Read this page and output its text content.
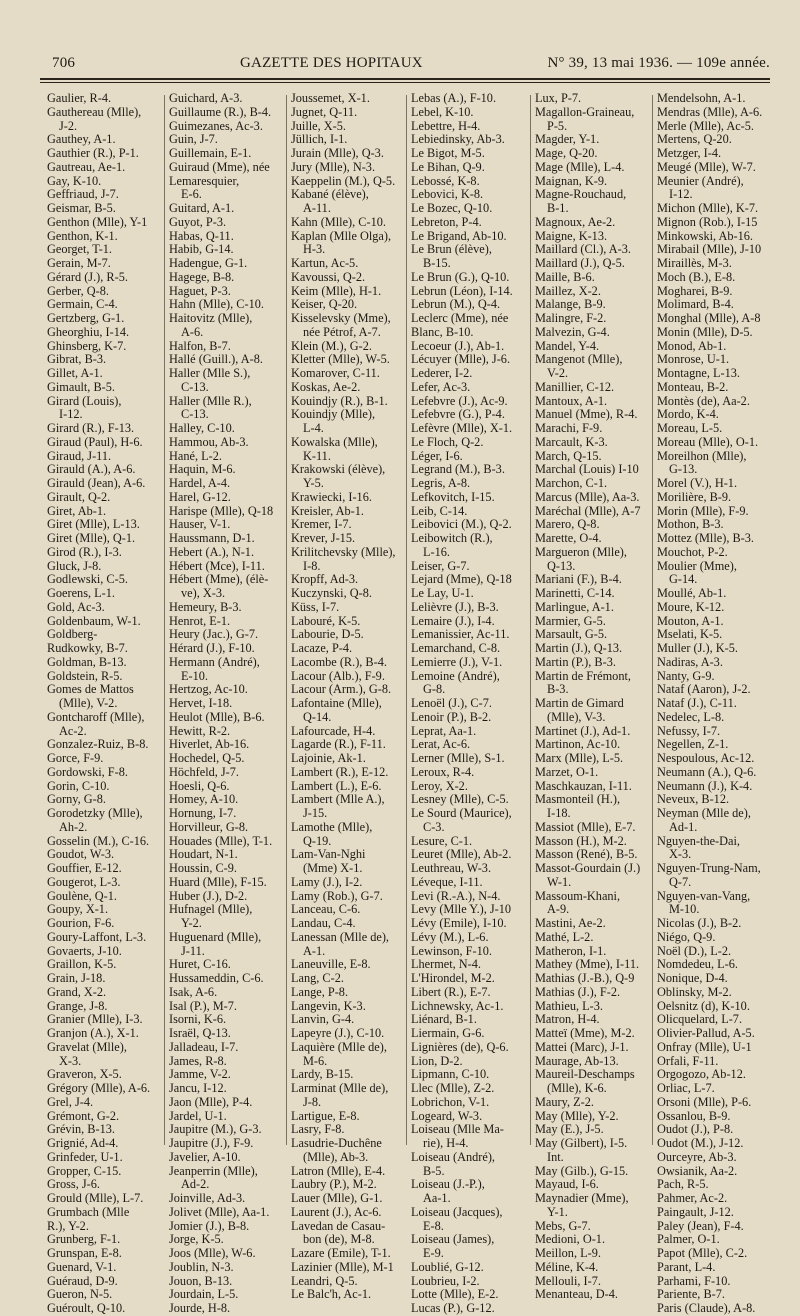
706	GAZETTE DES HOPITAUX	N° 39, 13 mai 1936. — 109e année.
Gaulier, R-4.
Gauthereau (Mlle),
J-2.
Gauthey, A-1.
Gauthier (R.), P-1.
Gautreau, Ae-1.
Gay, K-10.
Geffriaud, J-7.
Geismar, B-5.
Genthon (Mlle), Y-1
Genthon, K-1.
Georget, T-1.
Gerain, M-7.
Gérard (J.), R-5.
Gerber, Q-8.
Germain, C-4.
Gertzberg, G-1.
Gheorghiu, I-14.
Ghinsberg, K-7.
Gibrat, B-3.
Gillet, A-1.
Gimault, B-5.
Girard (Louis),
I-12.
Girard (R.), F-13.
Giraud (Paul), H-6.
Giraud, J-11.
Girauld (A.), A-6.
Girauld (Jean), A-6.
Girault, Q-2.
Giret, Ab-1.
Giret (Mlle), L-13.
Giret (Mlle), Q-1.
Girod (R.), I-3.
Gluck, J-8.
Godlewski, C-5.
Goerens, L-1.
Gold, Ac-3.
Goldenbaum, W-1.
Goldberg-
Rudkowky, B-7.
Goldman, B-13.
Goldstein, R-5.
Gomes de Mattos
(Mlle), V-2.
Gontcharoff (Mlle),
Ac-2.
Gonzalez-Ruiz, B-8.
Gorce, F-9.
Gordowski, F-8.
Gorin, C-10.
Gorny, G-8.
Gorodetzky (Mlle),
Ah-2.
Gosselin (M.), C-16.
Goudot, W-3.
Gouffier, E-12.
Gougerot, L-3.
Goulène, Q-1.
Goupy, X-1.
Gourion, F-6.
Goury-Laffont, L-3.
Govaerts, J-10.
Graillon, K-5.
Grain, J-18.
Grand, X-2.
Grange, J-8.
Granier (Mlle), I-3.
Granjon (A.), X-1.
Gravelat (Mlle),
X-3.
Graveron, X-5.
Grégory (Mlle), A-6.
Grel, J-4.
Grémont, G-2.
Grévin, B-13.
Grignié, Ad-4.
Grinfeder, U-1.
Gropper, C-15.
Gross, J-6.
Grould (Mlle), L-7.
Grumbach (Mlle
R.), Y-2.
Grunberg, F-1.
Grunspan, E-8.
Guenard, V-1.
Guéraud, D-9.
Gueron, N-5.
Guéroult, Q-10.
Guichard, A-3.
Guillaume (R.), B-4.
Guimezanes, Ac-3.
Guin, J-7.
Guillemain, E-1.
Guiraud (Mme), née
Lemaresquier,
E-6.
Guitard, A-1.
Guyot, P-3.
Habas, Q-11.
Habib, G-14.
Hadengue, G-1.
Hagege, B-8.
Haguet, P-3.
Hahn (Mlle), C-10.
Haitovitz (Mlle),
A-6.
Halfon, B-7.
Hallé (Guill.), A-8.
Haller (Mlle S.),
C-13.
Haller (Mlle R.),
C-13.
Halley, C-10.
Hammou, Ab-3.
Hané, L-2.
Haquin, M-6.
Hardel, A-4.
Harel, G-12.
Harispe (Mlle), Q-18
Hauser, V-1.
Haussmann, D-1.
Hebert (A.), N-1.
Hébert (Mce), I-11.
Hébert (Mme), (élè-
ve), X-3.
Hemeury, B-3.
Henrot, E-1.
Heury (Jac.), G-7.
Hérard (J.), F-10.
Hermann (André),
E-10.
Hertzog, Ac-10.
Hervet, I-18.
Heulot (Mlle), B-6.
Hewitt, R-2.
Hiverlet, Ab-16.
Hochedel, Q-5.
Höchfeld, J-7.
Hoesli, Q-6.
Homey, A-10.
Hornung, I-7.
Horvilleur, G-8.
Houades (Mlle), T-1.
Houdart, N-1.
Houssin, C-9.
Huard (Mlle), F-15.
Huber (J.), D-2.
Hufnagel (Mlle),
Y-2.
Huguenard (Mlle),
J-11.
Huret, C-16.
Hussameddin, C-6.
Isak, A-6.
Isal (P.), M-7.
Isorni, K-6.
Israël, Q-13.
Jalladeau, I-7.
James, R-8.
Jamme, V-2.
Jancu, I-12.
Jaon (Mlle), P-4.
Jardel, U-1.
Jaupitre (M.), G-3.
Jaupitre (J.), F-9.
Javelier, A-10.
Jeanperrin (Mlle),
Ad-2.
Joinville, Ad-3.
Jolivet (Mlle), Aa-1.
Jomier (J.), B-8.
Jorge, K-5.
Joos (Mlle), W-6.
Joublin, N-3.
Jouon, B-13.
Jourdain, L-5.
Jourde, H-8.
Joussemet, X-1.
Jugnet, Q-11.
Juille, X-5.
Jüllich, I-1.
Jurain (Mlle), Q-3.
Jury (Mlle), N-3.
Kaeppelin (M.), Q-5.
Kabané (élève),
A-11.
Kahn (Mlle), C-10.
Kaplan (Mlle Olga),
H-3.
Kartun, Ac-5.
Kavoussi, Q-2.
Keim (Mlle), H-1.
Keiser, Q-20.
Kisselevsky (Mme),
née Pétrof, A-7.
Klein (M.), G-2.
Kletter (Mlle), W-5.
Komarover, C-11.
Koskas, Ae-2.
Kouindjy (R.), B-1.
Kouindjy (Mlle),
L-4.
Kowalska (Mlle),
K-11.
Krakowski (élève),
Y-5.
Krawiecki, I-16.
Kreisler, Ab-1.
Kremer, I-7.
Krever, J-15.
Krilitchevsky (Mlle),
I-8.
Kropff, Ad-3.
Kuczynski, Q-8.
Küss, I-7.
Labouré, K-5.
Labourie, D-5.
Lacaze, P-4.
Lacombe (R.), B-4.
Lacour (Alb.), F-9.
Lacour (Arm.), G-8.
Lafontaine (Mlle),
Q-14.
Lafourcade, H-4.
Lagarde (R.), F-11.
Lajoinie, Ak-1.
Lambert (R.), E-12.
Lambert (L.), E-6.
Lambert (Mlle A.),
J-15.
Lamothe (Mlle),
Q-19.
Lam-Van-Nghi
(Mme) X-1.
Lamy (J.), I-2.
Lamy (Rob.), G-7.
Lanceau, C-6.
Landau, C-4.
Lanessan (Mlle de),
A-1.
Laneuville, E-8.
Lang, C-2.
Lange, P-8.
Langevin, K-3.
Lanvin, G-4.
Lapeyre (J.), C-10.
Laquière (Mlle de),
M-6.
Lardy, B-15.
Larminat (Mlle de),
J-8.
Lartigue, E-8.
Lasry, F-8.
Lasudrie-Duchêne
(Mlle), Ab-3.
Latron (Mlle), E-4.
Laubry (P.), M-2.
Lauer (Mlle), G-1.
Laurent (J.), Ac-6.
Lavedan de Casau-
bon (de), M-8.
Lazare (Emile), T-1.
Lazinier (Mlle), M-1
Leandri, Q-5.
Le Balc'h, Ac-1.
Lebas (A.), F-10.
Lebel, K-10.
Lebettre, H-4.
Lebiedinsky, Ab-3.
Le Bigot, M-5.
Le Bihan, Q-9.
Lebossé, K-8.
Lebovici, K-8.
Le Bozec, Q-10.
Lebreton, P-4.
Le Brigand, Ab-10.
Le Brun (élève),
B-15.
Le Brun (G.), Q-10.
Lebrun (Léon), I-14.
Lebrun (M.), Q-4.
Leclerc (Mme), née
Blanc, B-10.
Lecoeur (J.), Ab-1.
Lécuyer (Mlle), J-6.
Lederer, I-2.
Lefer, Ac-3.
Lefebvre (J.), Ac-9.
Lefebvre (G.), P-4.
Lefèvre (Mlle), X-1.
Le Floch, Q-2.
Léger, I-6.
Legrand (M.), B-3.
Legris, A-8.
Lefkovitch, I-15.
Leib, C-14.
Leibovici (M.), Q-2.
Leibowitch (R.),
L-16.
Leiser, G-7.
Lejard (Mme), Q-18
Le Lay, U-1.
Lelièvre (J.), B-3.
Lemaire (J.), I-4.
Lemanissier, Ac-11.
Lemarchand, C-8.
Lemierre (J.), V-1.
Lemoine (André),
G-8.
Lenoël (J.), C-7.
Lenoir (P.), B-2.
Leprat, Aa-1.
Lerat, Ac-6.
Lerner (Mlle), S-1.
Leroux, R-4.
Leroy, X-2.
Lesney (Mlle), C-5.
Le Sourd (Maurice),
C-3.
Lesure, C-1.
Leuret (Mlle), Ab-2.
Leuthreau, W-3.
Lévequе, I-11.
Levi (R.-A.), N-4.
Levy (Mlle Y.), J-10
Lévy (Emile), I-10.
Lévy (M.), L-6.
Lewinson, F-10.
Lhermet, N-4.
L'Hirondel, M-2.
Libert (R.), E-7.
Lichnewsky, Ac-1.
Liénard, B-1.
Liermain, G-6.
Lignières (de), Q-6.
Lion, D-2.
Lipmann, C-10.
Llec (Mlle), Z-2.
Lobrichon, V-1.
Logeard, W-3.
Loiseau (Mlle Ma-
rie), H-4.
Loiseau (André),
B-5.
Loiseau (J.-P.),
Aa-1.
Loiseau (Jacques),
E-8.
Loiseau (James),
E-9.
Loublié, G-12.
Loubrieu, I-2.
Lotte (Mlle), E-2.
Lucas (P.), G-12.
Lux, P-7.
Magallon-Graineau,
P-5.
Magder, Y-1.
Mage, Q-20.
Mage (Mlle), L-4.
Maignan, K-9.
Magne-Rouchaud,
B-1.
Magnoux, Ae-2.
Maigne, K-13.
Maillard (Cl.), A-3.
Maillard (J.), Q-5.
Maille, B-6.
Maillez, X-2.
Malange, B-9.
Malingre, F-2.
Malvezin, G-4.
Mandel, Y-4.
Mangenot (Mlle),
V-2.
Manillier, C-12.
Mantoux, A-1.
Manuel (Mme), R-4.
Marachi, F-9.
Marcault, K-3.
March, Q-15.
Marchal (Louis) I-10
Marchon, C-1.
Marcus (Mlle), Aa-3.
Maréchal (Mlle), A-7
Marero, Q-8.
Marette, O-4.
Margueron (Mlle),
Q-13.
Mariani (F.), B-4.
Marinetti, C-14.
Marlingue, A-1.
Marmier, G-5.
Marsault, G-5.
Martin (J.), Q-13.
Martin (P.), B-3.
Martin de Frémont,
B-3.
Martin de Gimard
(Mlle), V-3.
Martinet (J.), Ad-1.
Martinon, Ac-10.
Marx (Mlle), L-5.
Marzet, O-1.
Maschkauzan, I-11.
Masmonteil (H.),
I-18.
Massiot (Mlle), E-7.
Masson (H.), M-2.
Masson (René), B-5.
Massot-Gourdain (J.)
W-1.
Massoum-Khani,
A-9.
Mastini, Ae-2.
Mathé, L-2.
Matheron, I-1.
Mathey (Mme), I-11.
Mathias (J.-B.), Q-9
Mathias (J.), F-2.
Mathieu, L-3.
Matron, H-4.
Matteï (Mme), M-2.
Mattei (Marc), J-1.
Maurage, Ab-13.
Maureil-Deschamps
(Mlle), K-6.
Maury, Z-2.
May (Mlle), Y-2.
May (E.), J-5.
May (Gilbert), I-5.
Int.
May (Gilb.), G-15.
Mayaud, I-6.
Maynadier (Mme),
Y-1.
Mebs, G-7.
Medioni, O-1.
Meillon, L-9.
Méline, K-4.
Mellouli, I-7.
Menanteau, D-4.
Mendelsohn, A-1.
Mendras (Mlle), A-6.
Merle (Mlle), Ac-5.
Mertens, Q-20.
Metzger, I-4.
Meugé (Mlle), W-7.
Meunier (André),
I-12.
Michon (Mlle), K-7.
Mignon (Rob.), I-15
Minkowski, Ab-16.
Mirabail (Mlle), J-10
Miraillès, M-3.
Moch (B.), E-8.
Mogharei, B-9.
Molimard, B-4.
Monghal (Mlle), A-8
Monin (Mlle), D-5.
Monod, Ab-1.
Monrose, U-1.
Montagne, L-13.
Monteau, B-2.
Montès (de), Aa-2.
Mordo, K-4.
Moreau, L-5.
Moreau (Mlle), O-1.
Moreilhon (Mlle),
G-13.
Morel (V.), H-1.
Morilière, B-9.
Morin (Mlle), F-9.
Mothon, B-3.
Mottez (Mlle), B-3.
Mouchot, P-2.
Moulier (Mme),
G-14.
Moullé, Ab-1.
Moure, K-12.
Mouton, A-1.
Mselati, K-5.
Muller (J.), K-5.
Nadiras, A-3.
Nanty, G-9.
Nataf (Aaron), J-2.
Nataf (J.), C-11.
Nedelec, L-8.
Nefussy, I-7.
Negellen, Z-1.
Nespoulous, Ac-12.
Neumann (A.), Q-6.
Neumann (J.), K-4.
Neveux, B-12.
Neyman (Mlle de),
Ad-1.
Nguyen-the-Dai,
X-3.
Nguyen-Trung-Nam,
Q-7.
Nguyen-van-Vang,
M-10.
Nicolas (J.), B-2.
Niégo, Q-9.
Noël (D.), L-2.
Nomdedeu, L-6.
Nonique, D-4.
Oblinsky, M-2.
Oelsnitz (d), K-10.
Olicquelard, L-7.
Olivier-Pallud, A-5.
Onfray (Mlle), U-1
Orfali, F-11.
Orgogozo, Ab-12.
Orliac, L-7.
Orsoni (Mlle), P-6.
Ossanlou, B-9.
Oudot (J.), P-8.
Oudot (M.), J-12.
Ourceyre, Ab-3.
Owsianik, Aa-2.
Pach, R-5.
Pahmer, Ac-2.
Paingault, J-12.
Paley (Jean), F-4.
Palmer, O-1.
Papot (Mlle), C-2.
Parant, L-4.
Parhami, F-10.
Pariente, B-7.
Paris (Claude), A-8.
